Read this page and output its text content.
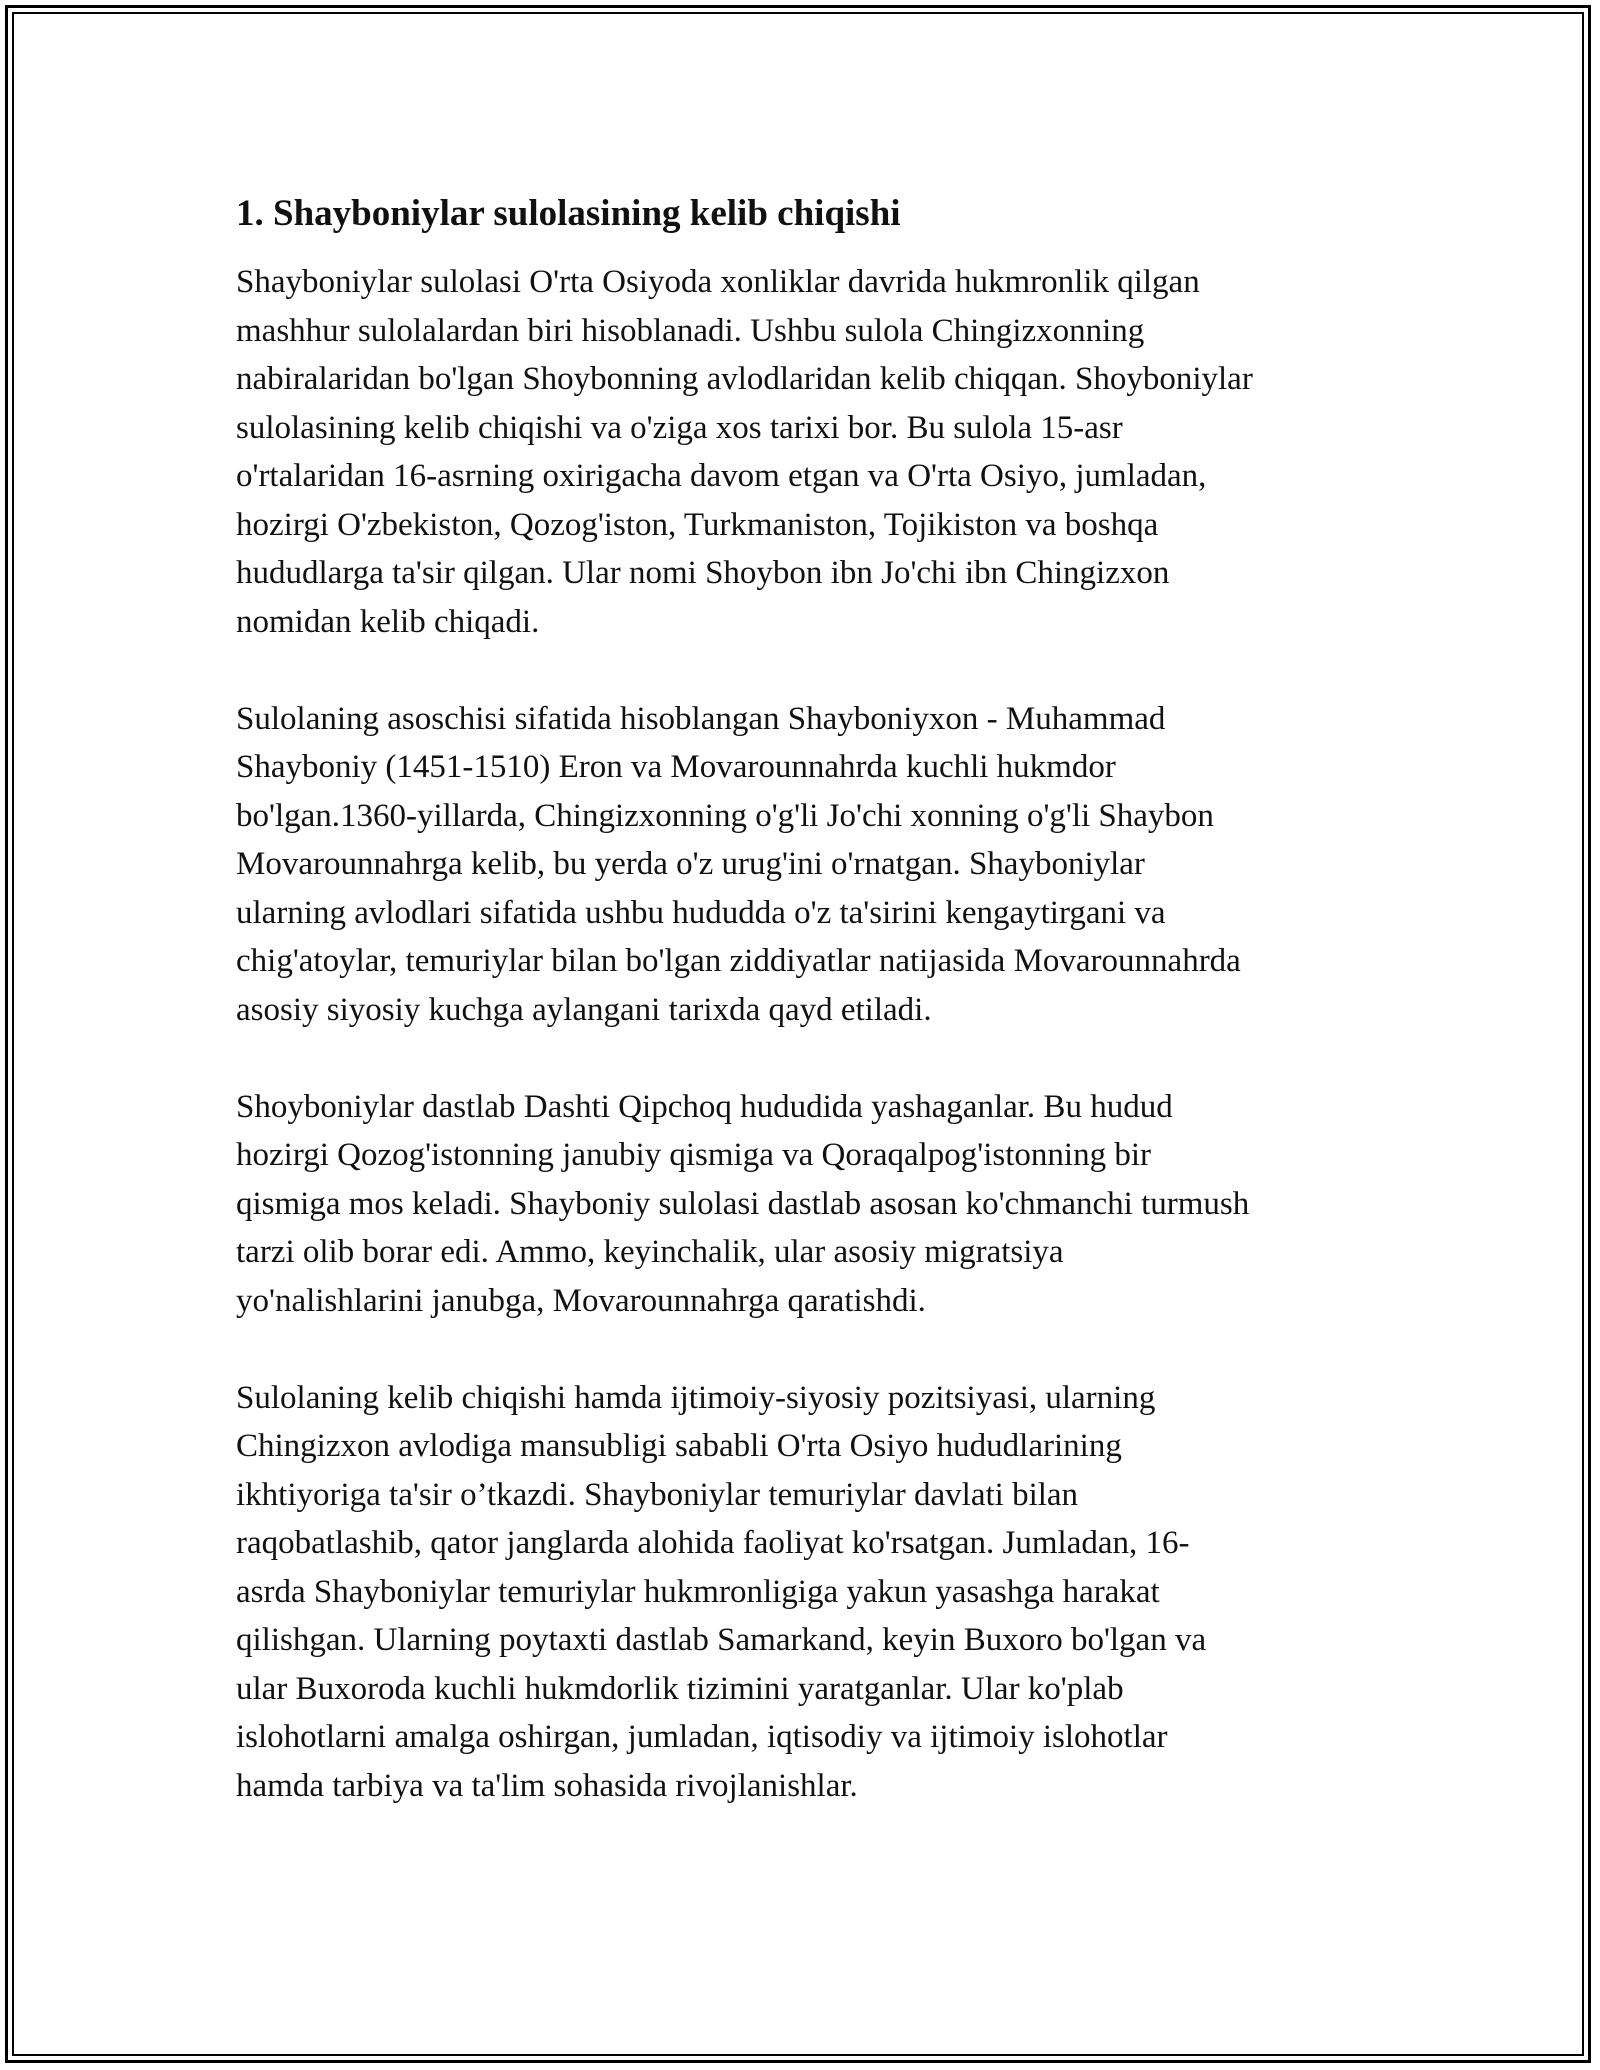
1. Shayboniylar sulolasining kelib chiqishi

Shayboniylar sulolasi O'rta Osiyoda xonliklar davrida hukmronlik qilgan
mashhur sulolalardan biri hisoblanadi. Ushbu sulola Chingizxonning
nabiralaridan bo'lgan Shoybonning avlodlaridan kelib chiqqan. Shoyboniylar
sulolasining kelib chiqishi va o'ziga xos tarixi bor. Bu sulola 15-asr
o'rtalaridan 16-asrning oxirigacha davom etgan va O'rta Osiyo, jumladan,
hozirgi O'zbekiston, Qozog'iston, Turkmaniston, Tojikiston va boshqa
hududlarga ta'sir qilgan. Ular nomi Shoybon ibn Jo'chi ibn Chingizxon
nomidan kelib chiqadi.

Sulolaning asoschisi sifatida hisoblangan Shayboniyxon - Muhammad
Shayboniy (1451-1510) Eron va Movarounnahrda kuchli hukmdor
bo'lgan.1360-yillarda, Chingizxonning o'g'li Jo'chi xonning o'g'li Shaybon
Movarounnahrga kelib, bu yerda o'z urug'ini o'rnatgan. Shayboniylar
ularning avlodlari sifatida ushbu hududda o'z ta'sirini kengaytirgani va
chig'atoylar, temuriylar bilan bo'lgan ziddiyatlar natijasida Movarounnahrda
asosiy siyosiy kuchga aylangani tarixda qayd etiladi.

Shoyboniylar dastlab Dashti Qipchoq hududida yashaganlar. Bu hudud
hozirgi Qozog'istonning janubiy qismiga va Qoraqalpog'istonning bir
qismiga mos keladi. Shayboniy sulolasi dastlab asosan ko'chmanchi turmush
tarzi olib borar edi. Ammo, keyinchalik, ular asosiy migratsiya
yo'nalishlarini janubga, Movarounnahrga qaratishdi.

Sulolaning kelib chiqishi hamda ijtimoiy-siyosiy pozitsiyasi, ularning
Chingizxon avlodiga mansubligi sababli O'rta Osiyo hududlarining
ikhtiyoriga ta'sir o’tkazdi. Shayboniylar temuriylar davlati bilan
raqobatlashib, qator janglarda alohida faoliyat ko'rsatgan. Jumladan, 16-
asrda Shayboniylar temuriylar hukmronligiga yakun yasashga harakat
qilishgan. Ularning poytaxti dastlab Samarkand, keyin Buxoro bo'lgan va
ular Buxoroda kuchli hukmdorlik tizimini yaratganlar. Ular ko'plab
islohotlarni amalga oshirgan, jumladan, iqtisodiy va ijtimoiy islohotlar
hamda tarbiya va ta'lim sohasida rivojlanishlar.
